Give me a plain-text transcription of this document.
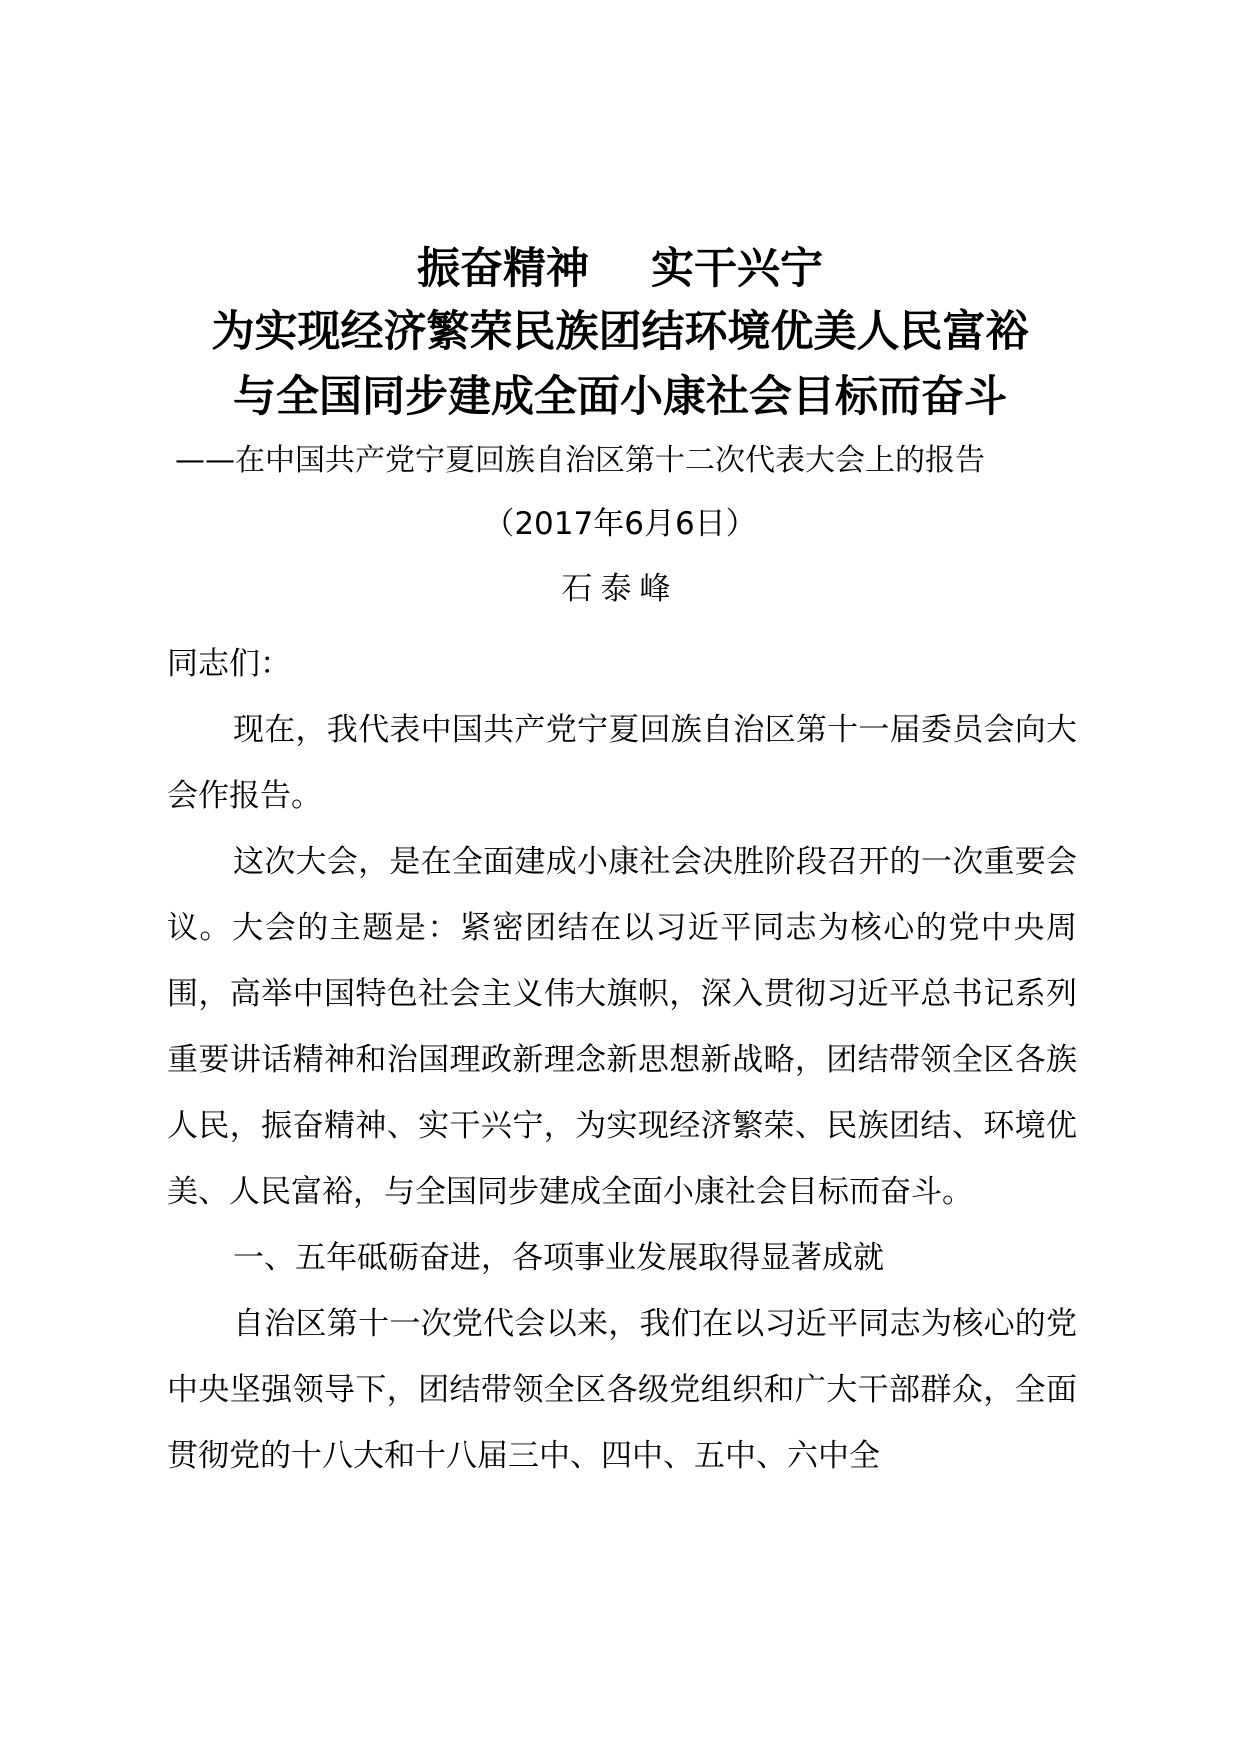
振奋精神 实干兴宁
为实现经济繁荣民族团结环境优美人民富裕
与全国同步建成全面小康社会目标而奋斗
——在中国共产党宁夏回族自治区第十二次代表大会上的报告
（2017年6月6日）
石泰峰

同志们：

现在，我代表中国共产党宁夏回族自治区第十一届委员会向大会作报告。

这次大会，是在全面建成小康社会决胜阶段召开的一次重要会议。大会的主题是：紧密团结在以习近平同志为核心的党中央周围，高举中国特色社会主义伟大旗帜，深入贯彻习近平总书记系列重要讲话精神和治国理政新理念新思想新战略，团结带领全区各族人民，振奋精神、实干兴宁，为实现经济繁荣、民族团结、环境优美、人民富裕，与全国同步建成全面小康社会目标而奋斗。

一、五年砥砺奋进，各项事业发展取得显著成就

自治区第十一次党代会以来，我们在以习近平同志为核心的党中央坚强领导下，团结带领全区各级党组织和广大干部群众，全面贯彻党的十八大和十八届三中、四中、五中、六中全
